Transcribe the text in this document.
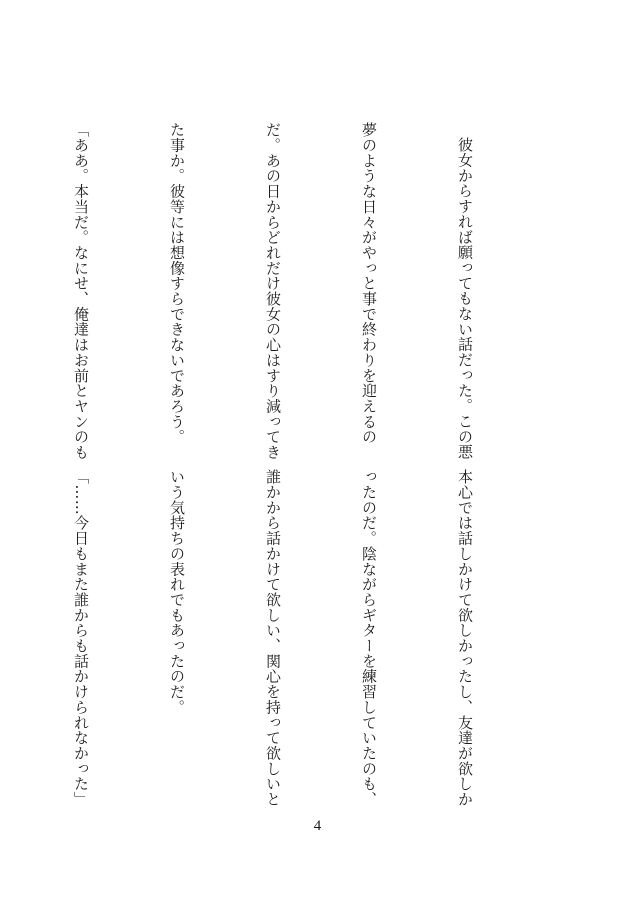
彼女からすれば願ってもない話だった。この悪

夢のような日々がやっと事で終わりを迎えるの

だ。あの日からどれだけ彼女の心はすり減ってき

た事か。彼等には想像すらできないであろう。

「ああ。本当だ。なにせ、俺達はお前とヤンのも

本心では話しかけて欲しかったし、友達が欲しか

ったのだ。陰ながらギターを練習していたのも、

誰かから話かけて欲しい、関心を持って欲しいと

いう気持ちの表れでもあったのだ。

「……今日もまた誰からも話かけられなかった」

4
